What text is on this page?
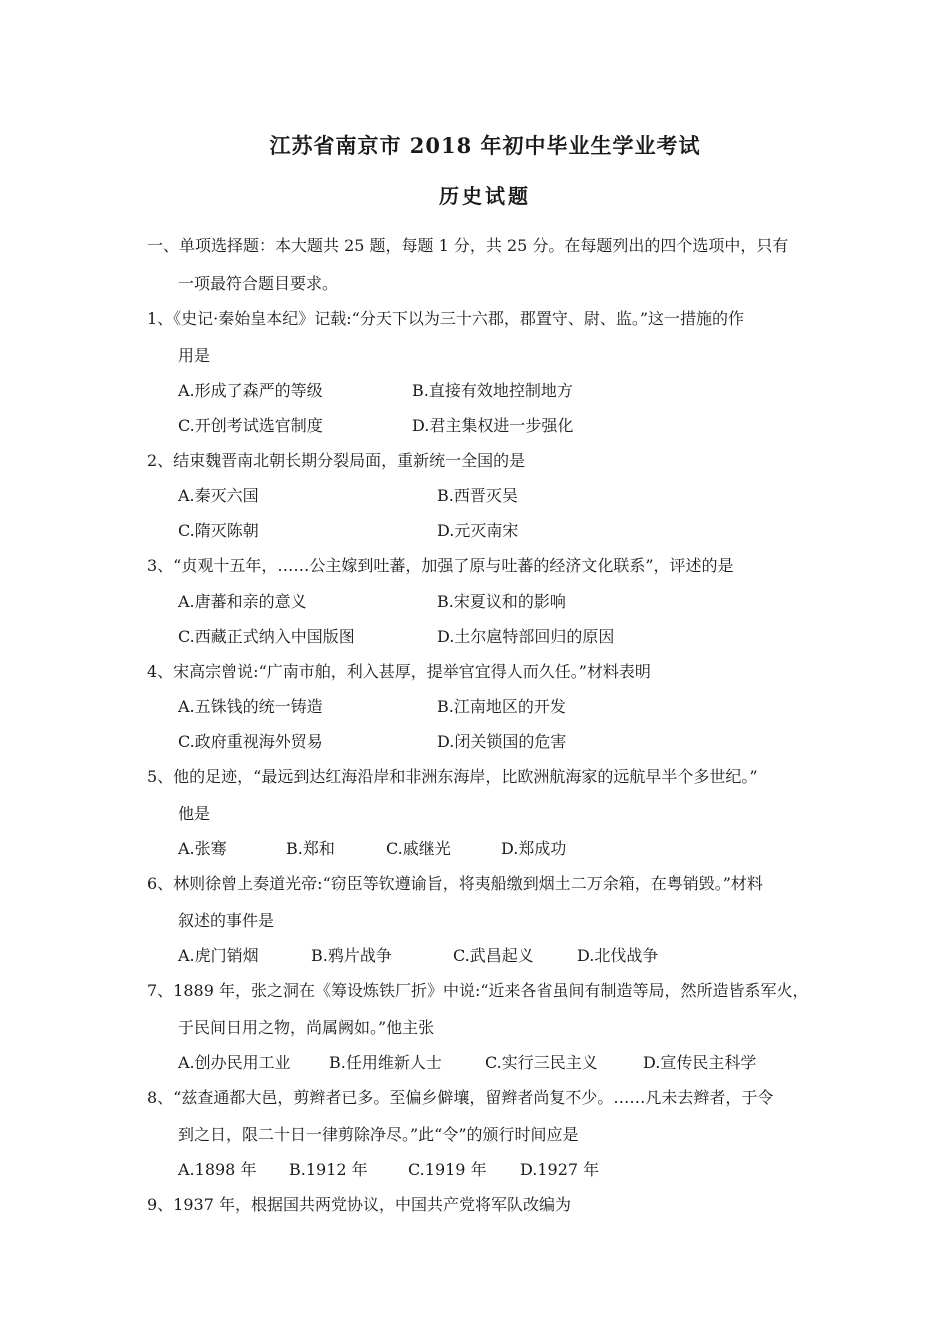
江苏省南京市 2018 年初中毕业生学业考试
历史试题
一、单项选择题：本大题共 25 题，每题 1 分，共 25 分。在每题列出的四个选项中，只有
一项最符合题目要求。
1、《史记·秦始皇本纪》记载:“分天下以为三十六郡，郡置守、尉、监。”这一措施的作
用是
A.形成了森严的等级	B.直接有效地控制地方
C.开创考试选官制度	D.君主集权进一步强化
2、结束魏晋南北朝长期分裂局面，重新统一全国的是
A.秦灭六国	B.西晋灭吴
C.隋灭陈朝	D.元灭南宋
3、“贞观十五年，……公主嫁到吐蕃，加强了原与吐蕃的经济文化联系”，评述的是
A.唐蕃和亲的意义	B.宋夏议和的影响
C.西藏正式纳入中国版图	D.土尔扈特部回归的原因
4、宋高宗曾说:“广南市舶，利入甚厚，提举官宜得人而久任。”材料表明
A.五铢钱的统一铸造	B.江南地区的开发
C.政府重视海外贸易	D.闭关锁国的危害
5、他的足迹，“最远到达红海沿岸和非洲东海岸，比欧洲航海家的远航早半个多世纪。”
他是
A.张骞	B.郑和	C.戚继光	D.郑成功
6、林则徐曾上奏道光帝:“窃臣等钦遵谕旨，将夷船缴到烟土二万余箱，在粤销毁。”材料
叙述的事件是
A.虎门销烟	B.鸦片战争	C.武昌起义	D.北伐战争
7、1889 年，张之洞在《筹设炼铁厂折》中说:“近来各省虽间有制造等局，然所造皆系军火，
于民间日用之物，尚属阙如。”他主张
A.创办民用工业 B.任用维新人士	C.实行三民主义	D.宣传民主科学
8、“兹查通都大邑，剪辫者已多。至偏乡僻壤，留辫者尚复不少。……凡未去辫者，于令
到之日，限二十日一律剪除净尽。”此“令”的颁行时间应是
A.1898 年 B.1912 年	C.1919 年 D.1927 年
9、1937 年，根据国共两党协议，中国共产党将军队改编为
